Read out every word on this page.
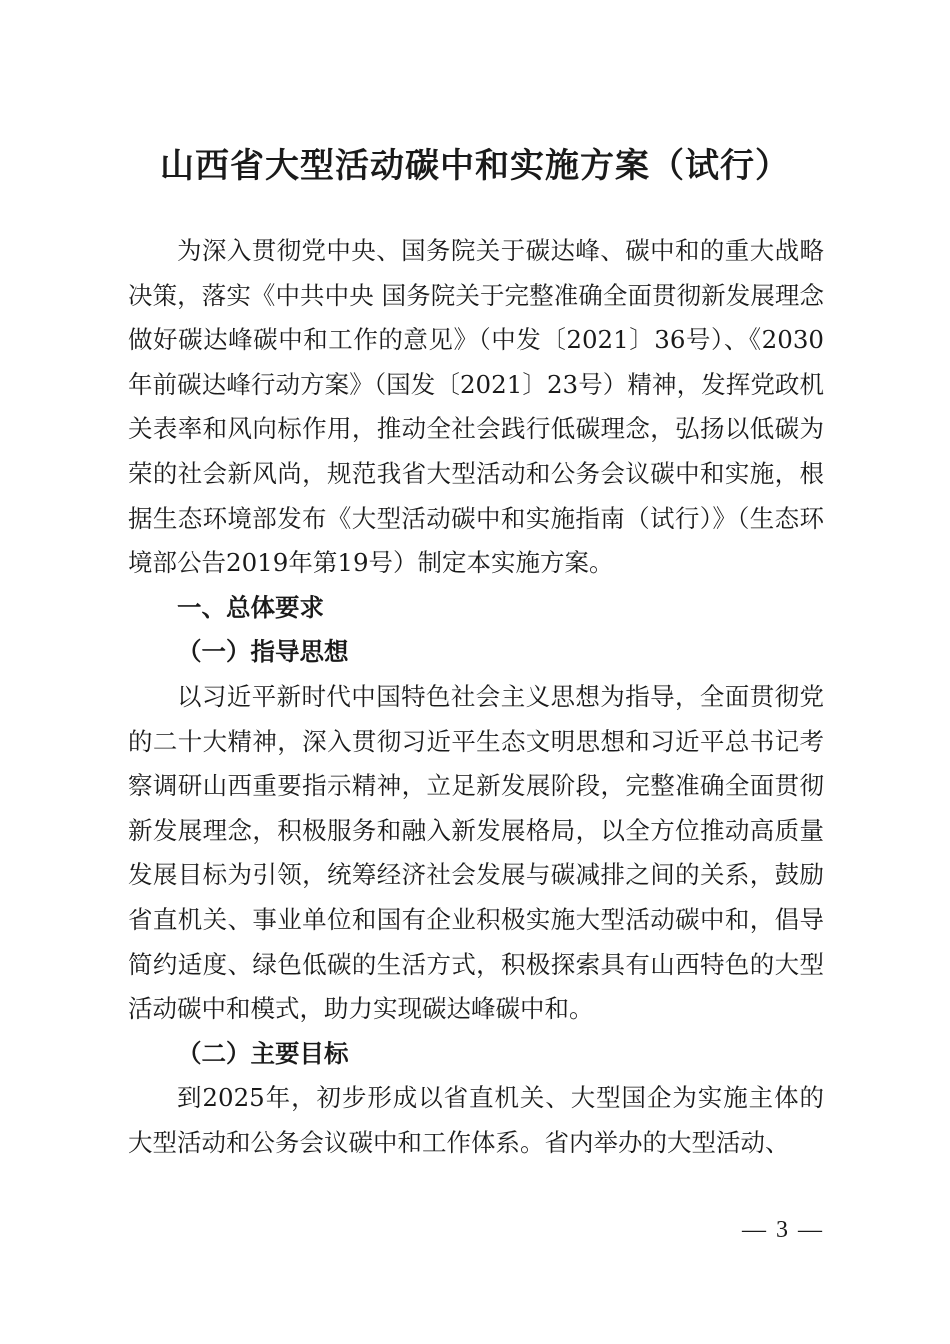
山西省大型活动碳中和实施方案（试行）

为深入贯彻党中央、国务院关于碳达峰、碳中和的重大战略决策，落实《中共中央 国务院关于完整准确全面贯彻新发展理念做好碳达峰碳中和工作的意见》（中发〔2021〕36号）、《2030年前碳达峰行动方案》（国发〔2021〕23号）精神，发挥党政机关表率和风向标作用，推动全社会践行低碳理念，弘扬以低碳为荣的社会新风尚，规范我省大型活动和公务会议碳中和实施，根据生态环境部发布《大型活动碳中和实施指南（试行）》（生态环境部公告2019年第19号）制定本实施方案。

一、总体要求

（一）指导思想

以习近平新时代中国特色社会主义思想为指导，全面贯彻党的二十大精神，深入贯彻习近平生态文明思想和习近平总书记考察调研山西重要指示精神，立足新发展阶段，完整准确全面贯彻新发展理念，积极服务和融入新发展格局，以全方位推动高质量发展目标为引领，统筹经济社会发展与碳减排之间的关系，鼓励省直机关、事业单位和国有企业积极实施大型活动碳中和，倡导简约适度、绿色低碳的生活方式，积极探索具有山西特色的大型活动碳中和模式，助力实现碳达峰碳中和。

（二）主要目标

到2025年，初步形成以省直机关、大型国企为实施主体的大型活动和公务会议碳中和工作体系。省内举办的大型活动、

— 3 —
